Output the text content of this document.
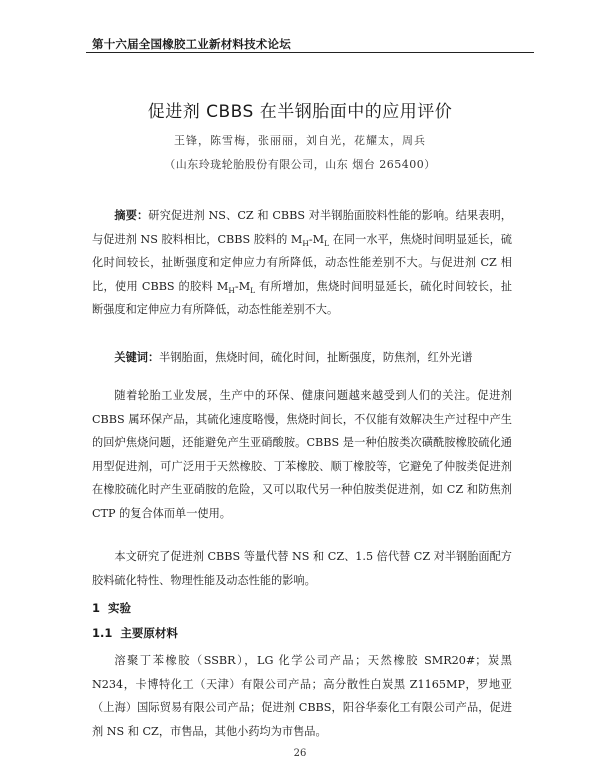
第十六届全国橡胶工业新材料技术论坛
促进剂 CBBS 在半钢胎面中的应用评价
王锋，陈雪梅，张丽丽，刘自光，花耀太，周兵
（山东玲珑轮胎股份有限公司，山东 烟台 265400）

摘要：研究促进剂 NS、CZ 和 CBBS 对半钢胎面胶料性能的影响。结果表明，与促进剂 NS 胶料相比，CBBS 胶料的 $M_H-M_L$ 在同一水平，焦烧时间明显延长，硫化时间较长，扯断强度和定伸应力有所降低，动态性能差别不大。与促进剂 CZ 相比，使用 CBBS 的胶料 $M_H-M_L$ 有所增加，焦烧时间明显延长，硫化时间较长，扯断强度和定伸应力有所降低，动态性能差别不大。

关键词：半钢胎面，焦烧时间，硫化时间，扯断强度，防焦剂，红外光谱

随着轮胎工业发展，生产中的环保、健康问题越来越受到人们的关注。促进剂 CBBS 属环保产品，其硫化速度略慢，焦烧时间长，不仅能有效解决生产过程中产生的回炉焦烧问题，还能避免产生亚硝酸胺。CBBS 是一种伯胺类次磺酰胺橡胶硫化通用型促进剂，可广泛用于天然橡胶、丁苯橡胶、顺丁橡胶等，它避免了仲胺类促进剂在橡胶硫化时产生亚硝胺的危险，又可以取代另一种伯胺类促进剂，如 CZ 和防焦剂 CTP 的复合体而单一使用。

本文研究了促进剂 CBBS 等量代替 NS 和 CZ、1.5 倍代替 CZ 对半钢胎面配方胶料硫化特性、物理性能及动态性能的影响。

1 实验
1.1 主要原材料

溶聚丁苯橡胶（SSBR），LG 化学公司产品；天然橡胶 SMR20#；炭黑 N234，卡博特化工（天津）有限公司产品；高分散性白炭黑 Z1165MP，罗地亚（上海）国际贸易有限公司产品；促进剂 CBBS，阳谷华泰化工有限公司产品，促进剂 NS 和 CZ，市售品，其他小药均为市售品。

26
